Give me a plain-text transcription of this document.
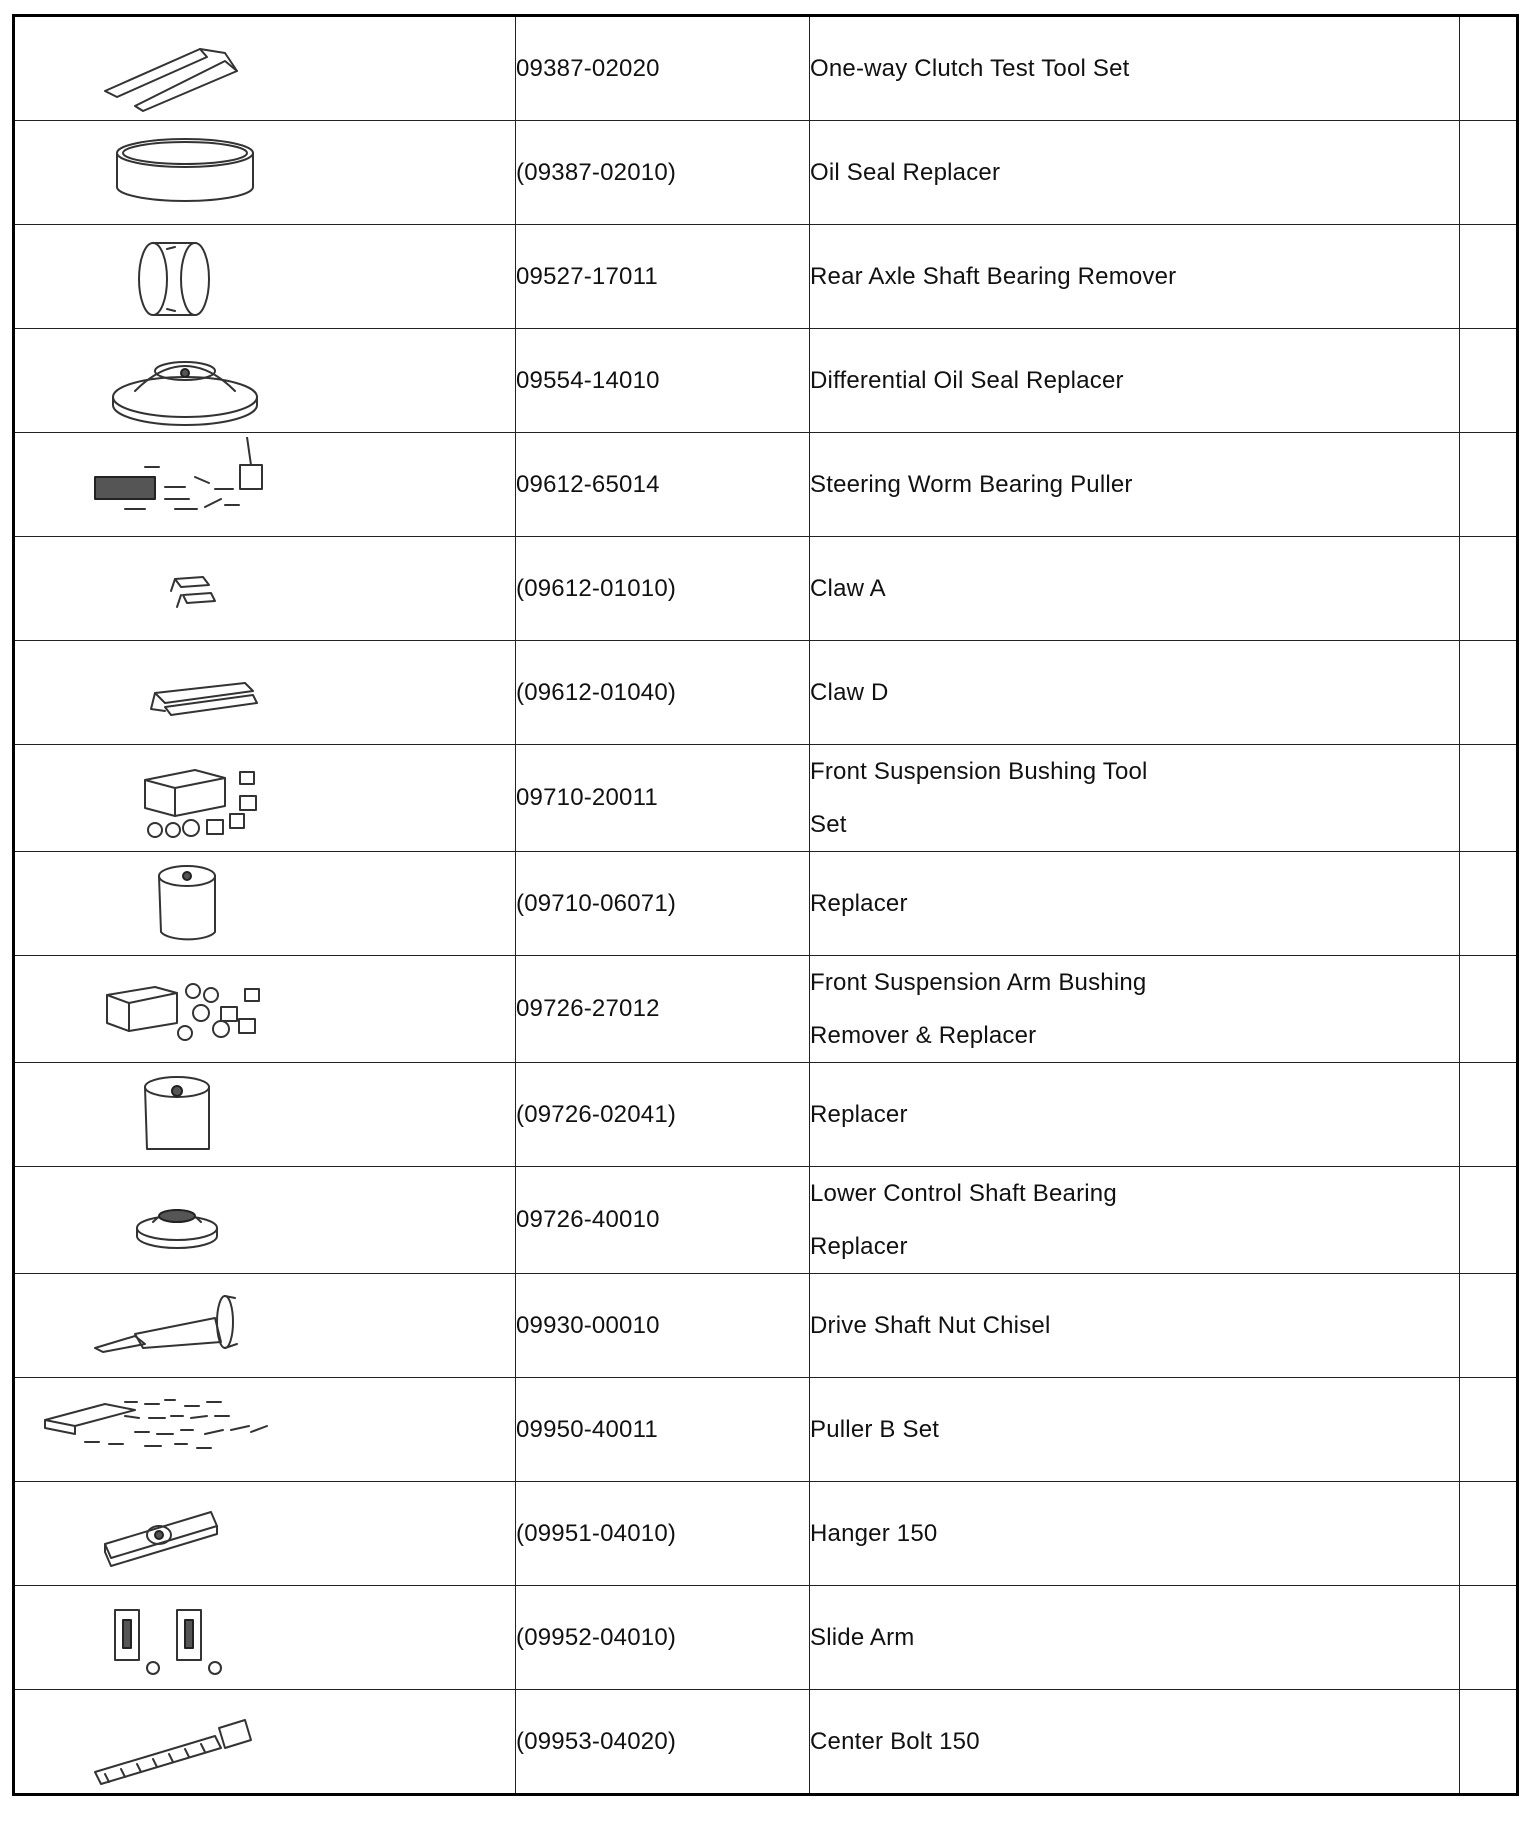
	09387-02020	One-way Clutch Test Tool Set	

	(09387-02010)	Oil Seal Replacer	

	09527-17011	Rear Axle Shaft Bearing Remover	

	09554-14010	Differential Oil Seal Replacer	

	09612-65014	Steering Worm Bearing Puller	

	(09612-01010)	Claw A	

	(09612-01040)	Claw D	

	09710-20011	Front Suspension Bushing Tool
Set	

	(09710-06071)	Replacer	

	09726-27012	Front Suspension Arm Bushing
Remover & Replacer	

	(09726-02041)	Replacer	

	09726-40010	Lower Control Shaft Bearing
Replacer	

	09930-00010	Drive Shaft Nut Chisel	

	09950-40011	Puller B Set	

	(09951-04010)	Hanger 150	

	(09952-04010)	Slide Arm	

	(09953-04020)	Center Bolt 150	
